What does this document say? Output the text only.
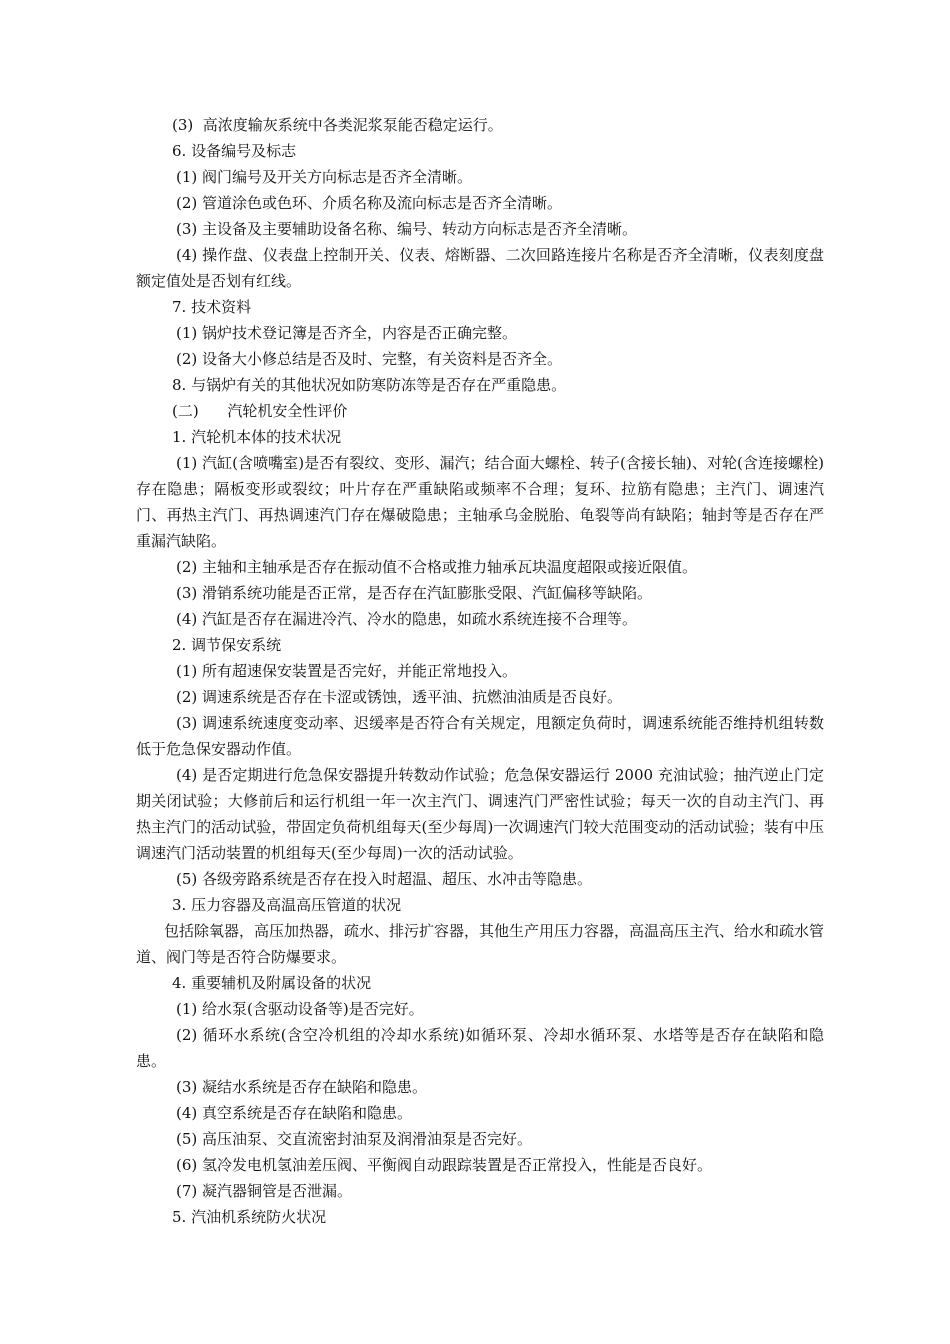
(3)  高浓度输灰系统中各类泥浆泵能否稳定运行。

6. 设备编号及标志

(1) 阀门编号及开关方向标志是否齐全清晰。

(2) 管道涂色或色环、介质名称及流向标志是否齐全清晰。

(3) 主设备及主要辅助设备名称、编号、转动方向标志是否齐全清晰。

(4) 操作盘、仪表盘上控制开关、仪表、熔断器、二次回路连接片名称是否齐全清晰，仪表刻度盘额定值处是否划有红线。

7. 技术资料

(1) 锅炉技术登记簿是否齐全，内容是否正确完整。

(2) 设备大小修总结是否及时、完整，有关资料是否齐全。

8. 与锅炉有关的其他状况如防寒防冻等是否存在严重隐患。

(二)      汽轮机安全性评价

1. 汽轮机本体的技术状况

(1) 汽缸(含喷嘴室)是否有裂纹、变形、漏汽；结合面大螺栓、转子(含接长轴)、对轮(含连接螺栓)存在隐患；隔板变形或裂纹；叶片存在严重缺陷或频率不合理；复环、拉筋有隐患；主汽门、调速汽门、再热主汽门、再热调速汽门存在爆破隐患；主轴承乌金脱胎、龟裂等尚有缺陷；轴封等是否存在严重漏汽缺陷。

(2) 主轴和主轴承是否存在振动值不合格或推力轴承瓦块温度超限或接近限值。

(3) 滑销系统功能是否正常，是否存在汽缸膨胀受限、汽缸偏移等缺陷。

(4) 汽缸是否存在漏进冷汽、冷水的隐患，如疏水系统连接不合理等。

2. 调节保安系统

(1) 所有超速保安装置是否完好，并能正常地投入。

(2) 调速系统是否存在卡涩或锈蚀，透平油、抗燃油油质是否良好。

(3) 调速系统速度变动率、迟缓率是否符合有关规定，甩额定负荷时，调速系统能否维持机组转数低于危急保安器动作值。

(4) 是否定期进行危急保安器提升转数动作试验；危急保安器运行 2000 充油试验；抽汽逆止门定期关闭试验；大修前后和运行机组一年一次主汽门、调速汽门严密性试验；每天一次的自动主汽门、再热主汽门的活动试验，带固定负荷机组每天(至少每周)一次调速汽门较大范围变动的活动试验；装有中压调速汽门活动装置的机组每天(至少每周)一次的活动试验。

(5) 各级旁路系统是否存在投入时超温、超压、水冲击等隐患。

3. 压力容器及高温高压管道的状况

包括除氧器，高压加热器，疏水、排污扩容器，其他生产用压力容器，高温高压主汽、给水和疏水管道、阀门等是否符合防爆要求。

4. 重要辅机及附属设备的状况

(1) 给水泵(含驱动设备等)是否完好。

(2) 循环水系统(含空冷机组的冷却水系统)如循环泵、冷却水循环泵、水塔等是否存在缺陷和隐患。

(3) 凝结水系统是否存在缺陷和隐患。

(4) 真空系统是否存在缺陷和隐患。

(5) 高压油泵、交直流密封油泵及润滑油泵是否完好。

(6) 氢冷发电机氢油差压阀、平衡阀自动跟踪装置是否正常投入，性能是否良好。

(7) 凝汽器铜管是否泄漏。

5. 汽油机系统防火状况
